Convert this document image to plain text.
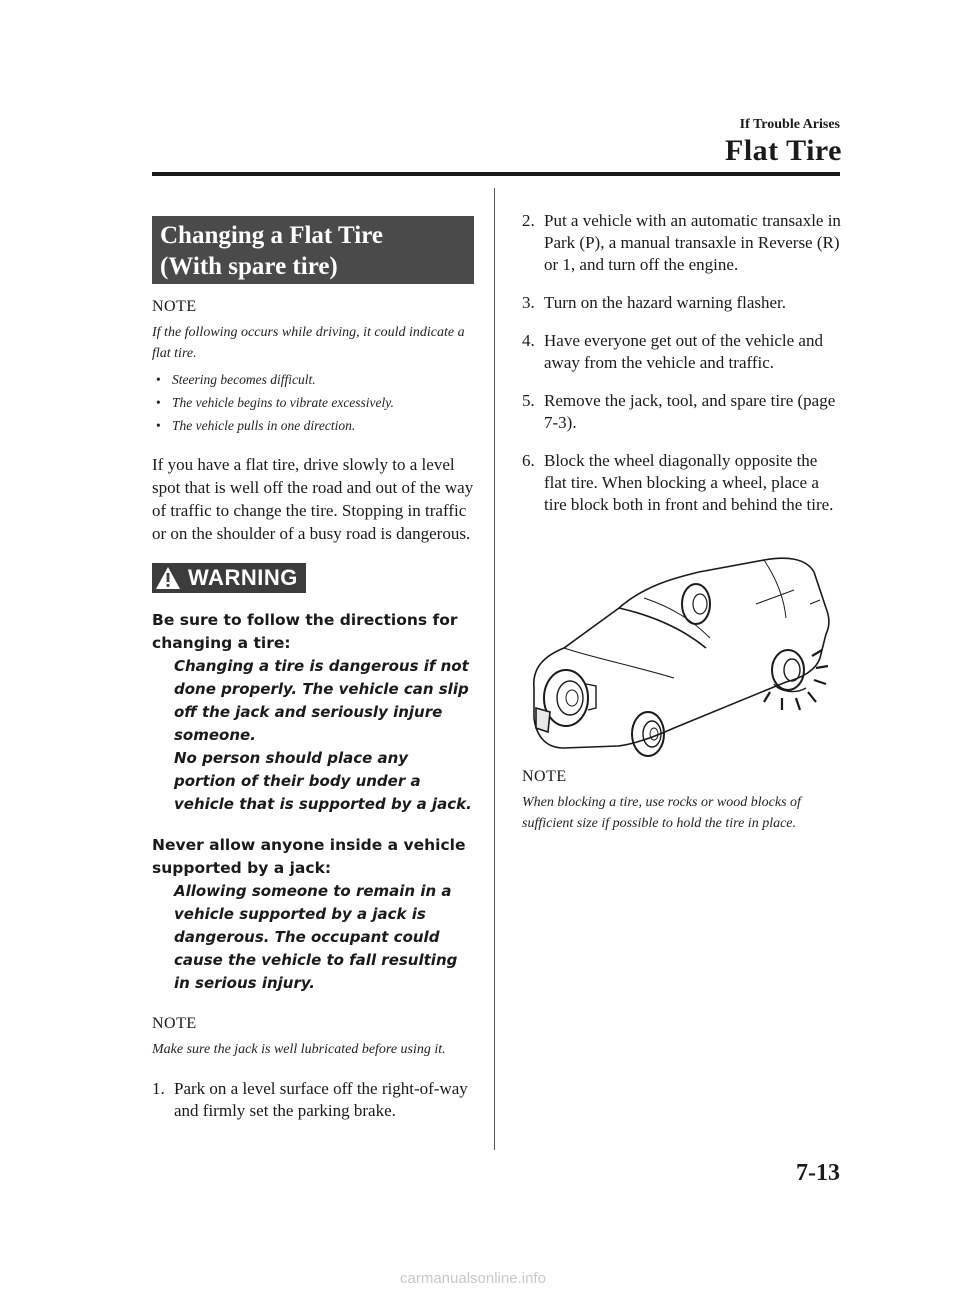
If Trouble Arises
Flat Tire
Changing a Flat Tire
(With spare tire)
NOTE
If the following occurs while driving, it could indicate a flat tire.
• Steering becomes difficult.
• The vehicle begins to vibrate excessively.
• The vehicle pulls in one direction.

If you have a flat tire, drive slowly to a level spot that is well off the road and out of the way of traffic to change the tire. Stopping in traffic or on the shoulder of a busy road is dangerous.

WARNING
Be sure to follow the directions for changing a tire:
Changing a tire is dangerous if not done properly. The vehicle can slip off the jack and seriously injure someone.
No person should place any portion of their body under a vehicle that is supported by a jack.
Never allow anyone inside a vehicle supported by a jack:
Allowing someone to remain in a vehicle supported by a jack is dangerous. The occupant could cause the vehicle to fall resulting in serious injury.
NOTE
Make sure the jack is well lubricated before using it.
1. Park on a level surface off the right-of-way and firmly set the parking brake.
2. Put a vehicle with an automatic transaxle in Park (P), a manual transaxle in Reverse (R) or 1, and turn off the engine.
3. Turn on the hazard warning flasher.
4. Have everyone get out of the vehicle and away from the vehicle and traffic.
5. Remove the jack, tool, and spare tire (page 7-3).
6. Block the wheel diagonally opposite the flat tire. When blocking a wheel, place a tire block both in front and behind the tire.
NOTE
When blocking a tire, use rocks or wood blocks of sufficient size if possible to hold the tire in place.
7-13
carmanualsonline.info
